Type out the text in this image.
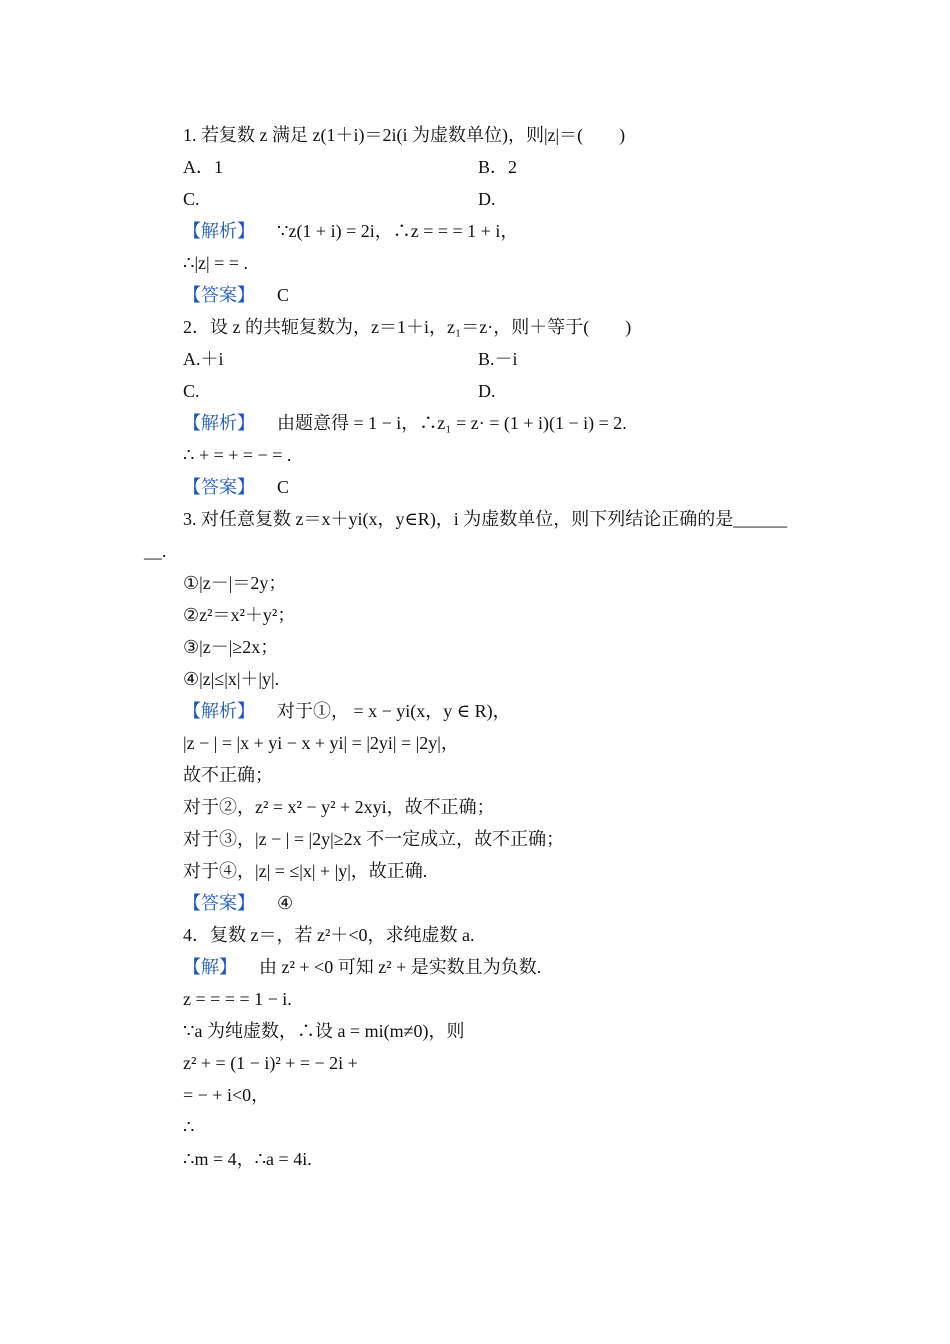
1. 若复数 z 满足 z(1＋i)＝2i(i 为虚数单位)，则|z|＝(　　)
A．1	B．2
C.	D.
【解析】 ∵z(1 + i) = 2i，∴z = = = 1 + i，
∴|z| = = .
【答案】 C
2．设 z 的共轭复数为，z＝1＋i，z₁＝z·，则＋等于(　　)
A.＋i	B.－i
C.	D.
【解析】 由题意得 = 1 − i，∴z₁ = z· = (1 + i)(1 − i) = 2.
∴ + = + = − = .
【答案】 C
3. 对任意复数 z＝x＋yi(x，y∈R)，i 为虚数单位，则下列结论正确的是______
__.
①|z－|＝2y；
②z²＝x²＋y²；
③|z－|≥2x；
④|z|≤|x|＋|y|.
【解析】 对于①， = x − yi(x，y ∈ R)，
|z − | = |x + yi − x + yi| = |2yi| = |2y|，
故不正确；
对于②，z² = x² − y² + 2xyi，故不正确；
对于③，|z − | = |2y|≥2x 不一定成立，故不正确；
对于④，|z| = ≤|x| + |y|，故正确.
【答案】 ④
4．复数 z＝，若 z²＋<0，求纯虚数 a.
【解】 由 z² + <0 可知 z² + 是实数且为负数.
z = = = = 1 − i.
∵a 为纯虚数，∴设 a = mi(m≠0)，则
z² + = (1 − i)² + = − 2i +
= − + i<0，
∴
∴m = 4，∴a = 4i.
